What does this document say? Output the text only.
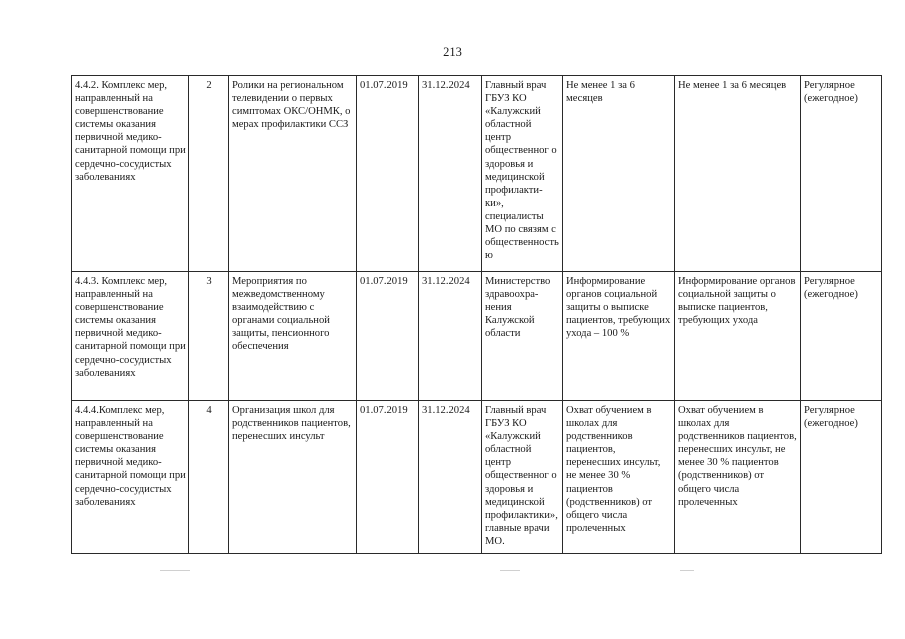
213
4.4.2. Комплекс мер, направленный на совершенствование системы оказания первичной медико-санитарной помощи при сердечно-сосудистых заболеваниях	2	Ролики на региональном телевидении о первых симптомах ОКС/ОНМК, о мерах профилактики ССЗ	01.07.2019	31.12.2024	Главный врач ГБУЗ КО «Калужский областной центр общественног о здоровья и медицинской профилакти-ки», специалисты МО по связям с общественностью	Не менее 1 за 6 месяцев	Не менее 1 за 6 месяцев	Регулярное (ежегодное)
4.4.3. Комплекс мер, направленный на совершенствование системы оказания первичной медико-санитарной помощи при сердечно-сосудистых заболеваниях	3	Мероприятия по межведомственному взаимодействию с органами социальной защиты, пенсионного обеспечения	01.07.2019	31.12.2024	Министерство здравоохра-нения Калужской области	Информирование органов социальной защиты о выписке пациентов, требующих ухода – 100 %	Информирование органов социальной защиты о выписке пациентов, требующих ухода	Регулярное (ежегодное)
4.4.4.Комплекс мер, направленный на совершенствование системы оказания первичной медико-санитарной помощи при сердечно-сосудистых заболеваниях	4	Организация школ для родственников пациентов, перенесших инсульт	01.07.2019	31.12.2024	Главный врач ГБУЗ КО «Калужский областной центр общественног о здоровья и медицинской профилактики», главные врачи МО.	Охват обучением в школах для родственников пациентов, перенесших инсульт, не менее 30 % пациентов (родственников) от общего числа пролеченных	Охват обучением в школах для родственников пациентов, перенесших инсульт, не менее 30 % пациентов (родственников) от общего числа пролеченных	Регулярное (ежегодное)
